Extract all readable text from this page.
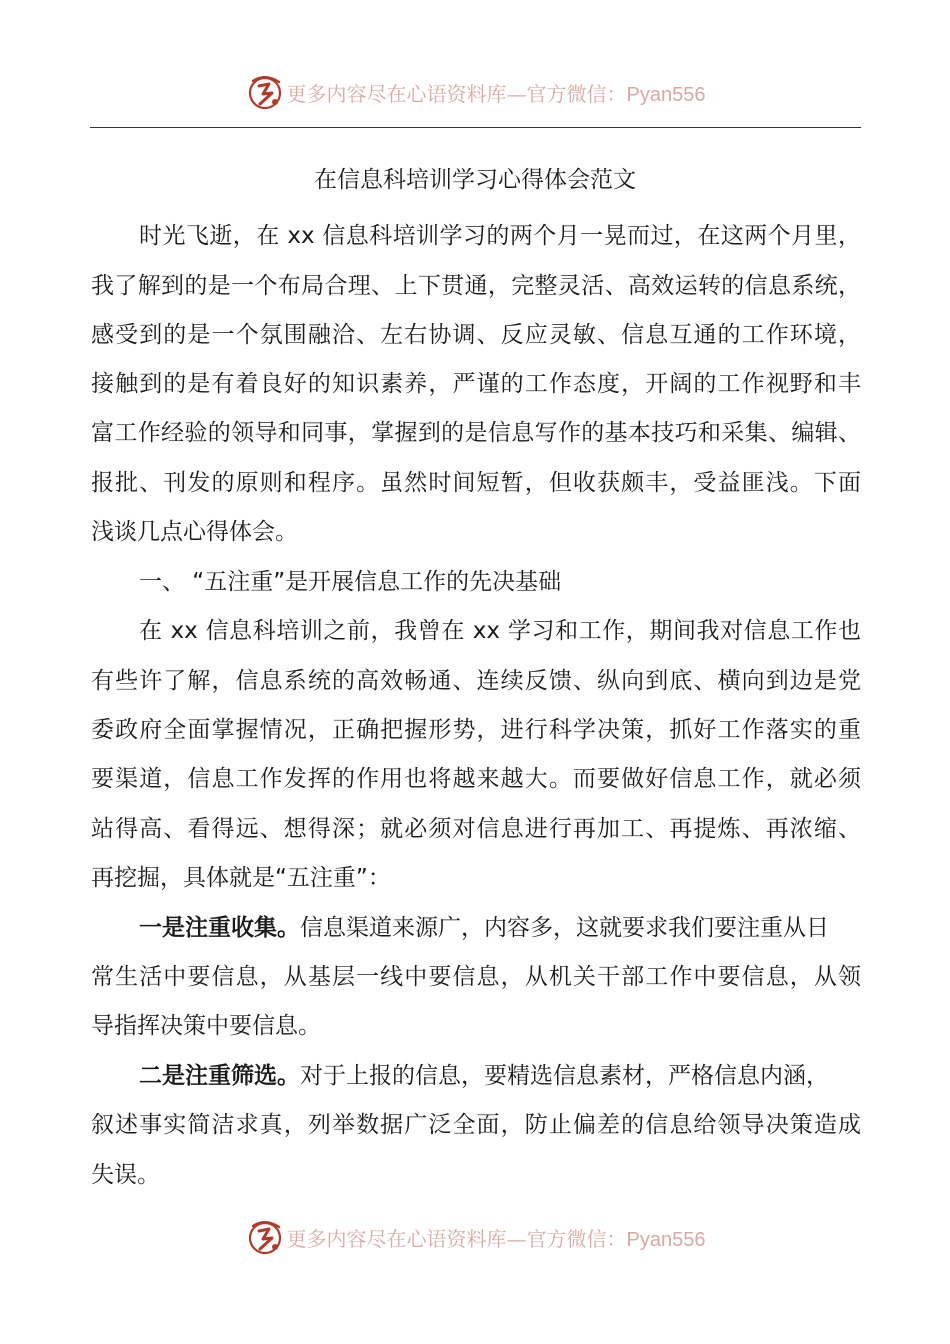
更多内容尽在心语资料库—官方微信：Pyan556
在信息科培训学习心得体会范文
时光飞逝，在 xx 信息科培训学习的两个月一晃而过，在这两个月里，
我了解到的是一个布局合理、上下贯通，完整灵活、高效运转的信息系统，
感受到的是一个氛围融洽、左右协调、反应灵敏、信息互通的工作环境，
接触到的是有着良好的知识素养，严谨的工作态度，开阔的工作视野和丰
富工作经验的领导和同事，掌握到的是信息写作的基本技巧和采集、编辑、
报批、刊发的原则和程序。虽然时间短暂，但收获颇丰，受益匪浅。下面
浅谈几点心得体会。
一、 “五注重”是开展信息工作的先决基础
在 xx 信息科培训之前，我曾在 xx 学习和工作，期间我对信息工作也
有些许了解，信息系统的高效畅通、连续反馈、纵向到底、横向到边是党
委政府全面掌握情况，正确把握形势，进行科学决策，抓好工作落实的重
要渠道，信息工作发挥的作用也将越来越大。而要做好信息工作，就必须
站得高、看得远、想得深；就必须对信息进行再加工、再提炼、再浓缩、
再挖掘，具体就是“五注重”：
一是注重收集。信息渠道来源广，内容多，这就要求我们要注重从日
常生活中要信息，从基层一线中要信息，从机关干部工作中要信息，从领
导指挥决策中要信息。
二是注重筛选。对于上报的信息，要精选信息素材，严格信息内涵，
叙述事实简洁求真，列举数据广泛全面，防止偏差的信息给领导决策造成
失误。
更多内容尽在心语资料库—官方微信：Pyan556
